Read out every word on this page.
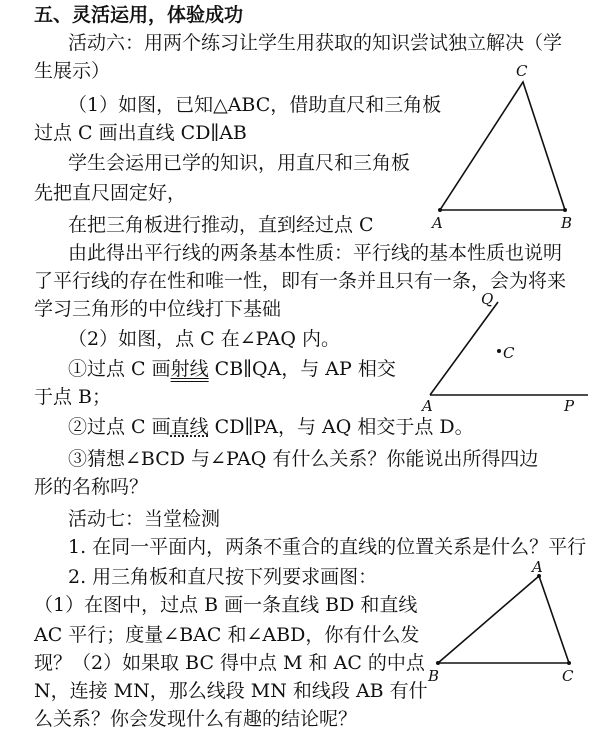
五、灵活运用，体验成功
活动六：用两个练习让学生用获取的知识尝试独立解决（学
生展示）
（1）如图，已知△ABC，借助直尺和三角板
过点 C 画出直线 CD∥AB
学生会运用已学的知识，用直尺和三角板
先把直尺固定好，
在把三角板进行推动，直到经过点 C
由此得出平行线的两条基本性质：平行线的基本性质也说明
了平行线的存在性和唯一性，即有一条并且只有一条，会为将来
学习三角形的中位线打下基础
（2）如图，点 C 在∠PAQ 内。
①过点 C 画射线 CB∥QA，与 AP 相交
于点 B；
②过点 C 画直线 CD∥PA，与 AQ 相交于点 D。
③猜想∠BCD 与∠PAQ 有什么关系？你能说出所得四边
形的名称吗？
活动七：当堂检测
1. 在同一平面内，两条不重合的直线的位置关系是什么？平行
2. 用三角板和直尺按下列要求画图：
（1）在图中，过点 B 画一条直线 BD 和直线
AC 平行；度量∠BAC 和∠ABD，你有什么发
现？（2）如果取 BC 得中点 M 和 AC 的中点
N，连接 MN，那么线段 MN 和线段 AB 有什
么关系？你会发现什么有趣的结论呢？
C
A	B
Q
C
A	P
A
B	C
